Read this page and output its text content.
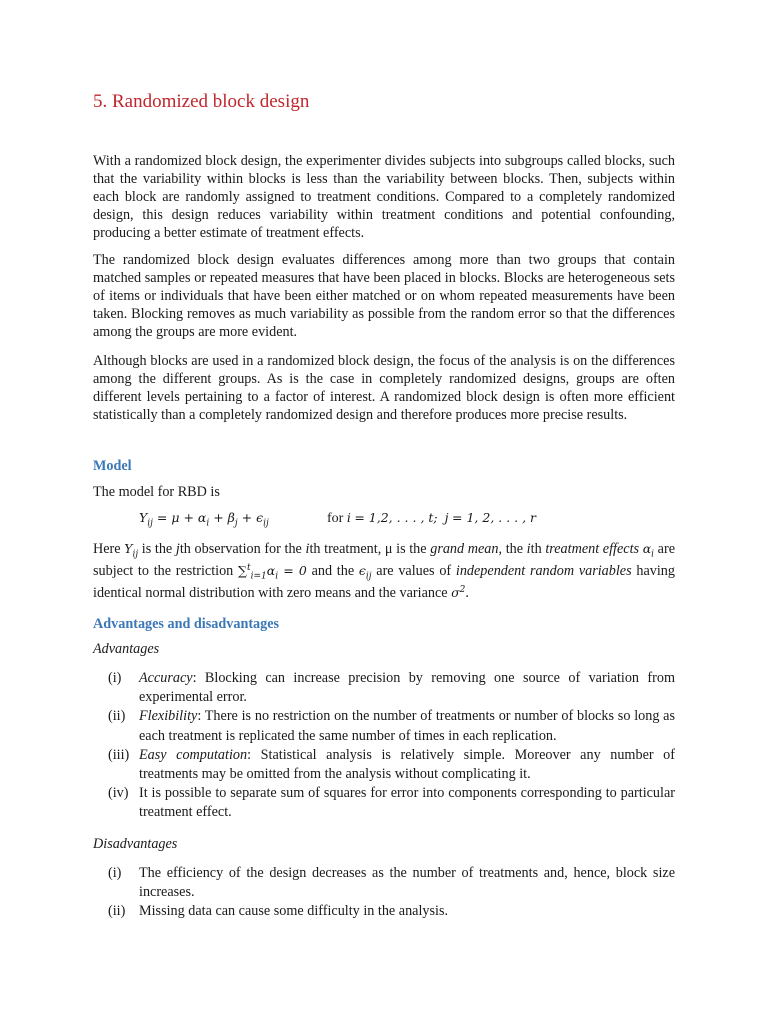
5. Randomized block design

With a randomized block design, the experimenter divides subjects into subgroups called blocks, such that the variability within blocks is less than the variability between blocks. Then, subjects within each block are randomly assigned to treatment conditions. Compared to a completely randomized design, this design reduces variability within treatment conditions and potential confounding, producing a better estimate of treatment effects.

The randomized block design evaluates differences among more than two groups that contain matched samples or repeated measures that have been placed in blocks. Blocks are heterogeneous sets of items or individuals that have been either matched or on whom repeated measurements have been taken. Blocking removes as much variability as possible from the random error so that the differences among the groups are more evident.

Although blocks are used in a randomized block design, the focus of the analysis is on the differences among the different groups. As is the case in completely randomized designs, groups are often different levels pertaining to a factor of interest. A randomized block design is often more efficient statistically than a completely randomized design and therefore produces more precise results.

Model
The model for RBD is
$Y_{ij} = \mu + \alpha_i + \beta_j + \epsilon_{ij}$	for i = 1,2, . . . , t; j = 1, 2, . . . , r

Here $Y_{ij}$ is the jth observation for the ith treatment, μ is the grand mean, the ith treatment effects $\alpha_i$ are subject to the restriction $\sum^t_{i=1}\alpha_i = 0$ and the $\epsilon_{ij}$ are values of independent random variables having identical normal distribution with zero means and the variance $\sigma^2$.

Advantages and disadvantages
Advantages
(i) Accuracy: Blocking can increase precision by removing one source of variation from experimental error.
(ii) Flexibility: There is no restriction on the number of treatments or number of blocks so long as each treatment is replicated the same number of times in each replication.
(iii) Easy computation: Statistical analysis is relatively simple. Moreover any number of treatments may be omitted from the analysis without complicating it.
(iv) It is possible to separate sum of squares for error into components corresponding to particular treatment effect.
Disadvantages
(i) The efficiency of the design decreases as the number of treatments and, hence, block size increases.
(ii) Missing data can cause some difficulty in the analysis.
